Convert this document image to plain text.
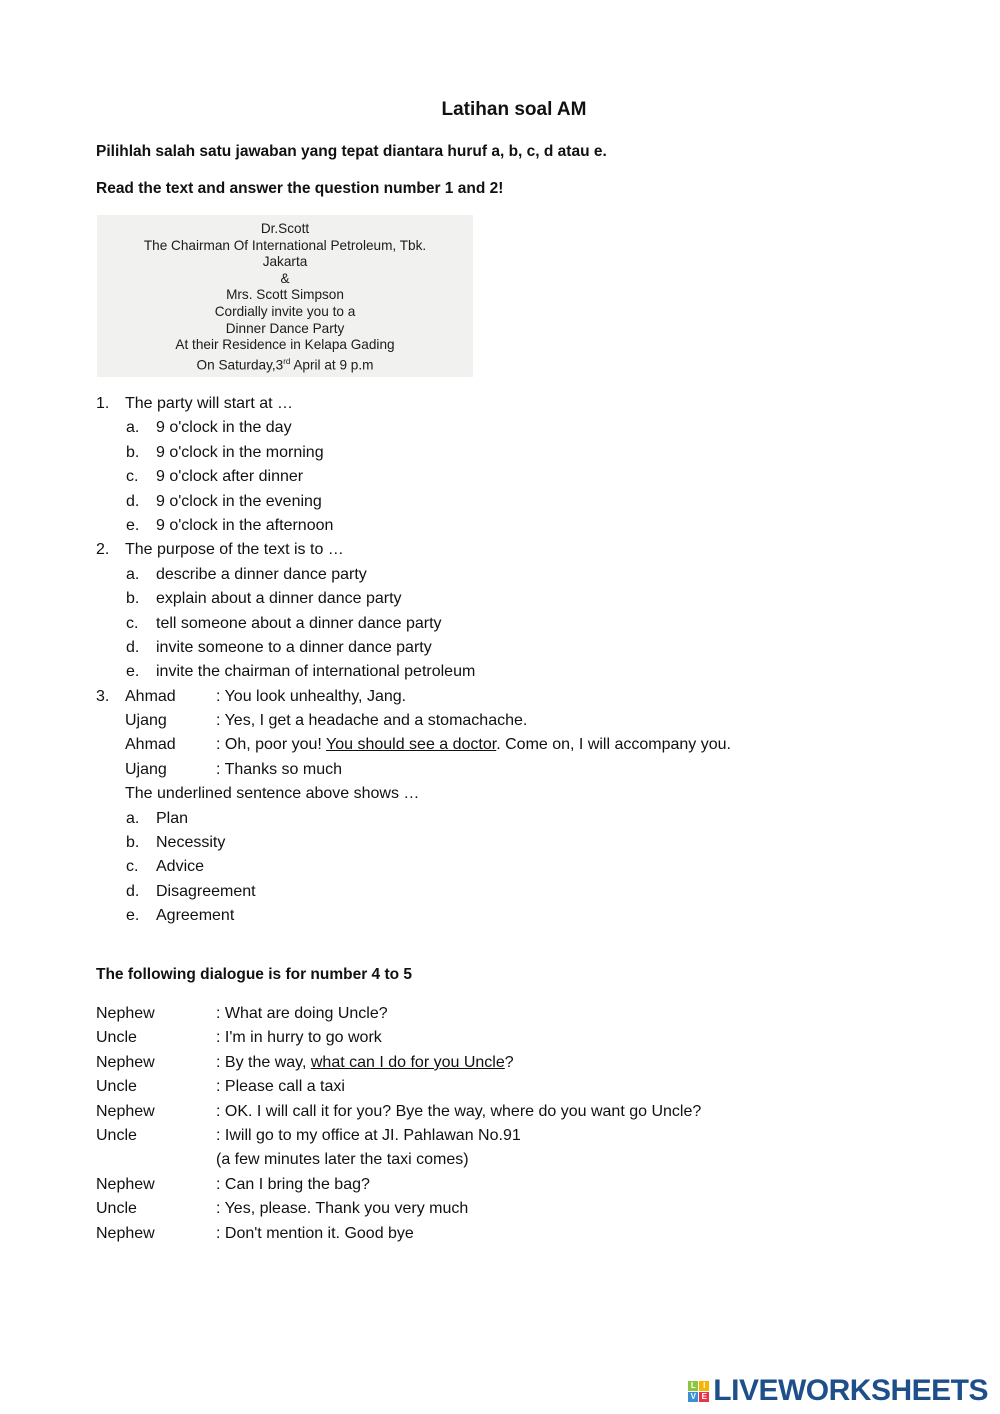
Latihan soal AM
Pilihlah salah satu jawaban yang tepat diantara huruf a, b, c, d atau e.
Read the text and answer the question number 1 and 2!
Dr.Scott
The Chairman Of International Petroleum, Tbk.
Jakarta
&
Mrs. Scott Simpson
Cordially invite you to a
Dinner Dance Party
At their Residence in Kelapa Gading
On Saturday,3rd April at 9 p.m
1. The party will start at …
a. 9 o'clock in the day
b. 9 o'clock in the morning
c. 9 o'clock after dinner
d. 9 o'clock in the evening
e. 9 o'clock in the afternoon
2. The purpose of the text is to …
a. describe a dinner dance party
b. explain about a dinner dance party
c. tell someone about a dinner dance party
d. invite someone to a dinner dance party
e. invite the chairman of international petroleum
3. Ahmad	: You look unhealthy, Jang.
Ujang	: Yes, I get a headache and a stomachache.
Ahmad	: Oh, poor you! You should see a doctor. Come on, I will accompany you.
Ujang	: Thanks so much
The underlined sentence above shows …
a. Plan
b. Necessity
c. Advice
d. Disagreement
e. Agreement
The following dialogue is for number 4 to 5
Nephew	: What are doing Uncle?
Uncle	: I'm in hurry to go work
Nephew	: By the way, what can I do for you Uncle?
Uncle	: Please call a taxi
Nephew	: OK. I will call it for you? Bye the way, where do you want go Uncle?
Uncle	: Iwill go to my office at JI. Pahlawan No.91
(a few minutes later the taxi comes)
Nephew	: Can I bring the bag?
Uncle	: Yes, please. Thank you very much
Nephew	: Don't mention it. Good bye
L I
V E LIVEWORKSHEETS
